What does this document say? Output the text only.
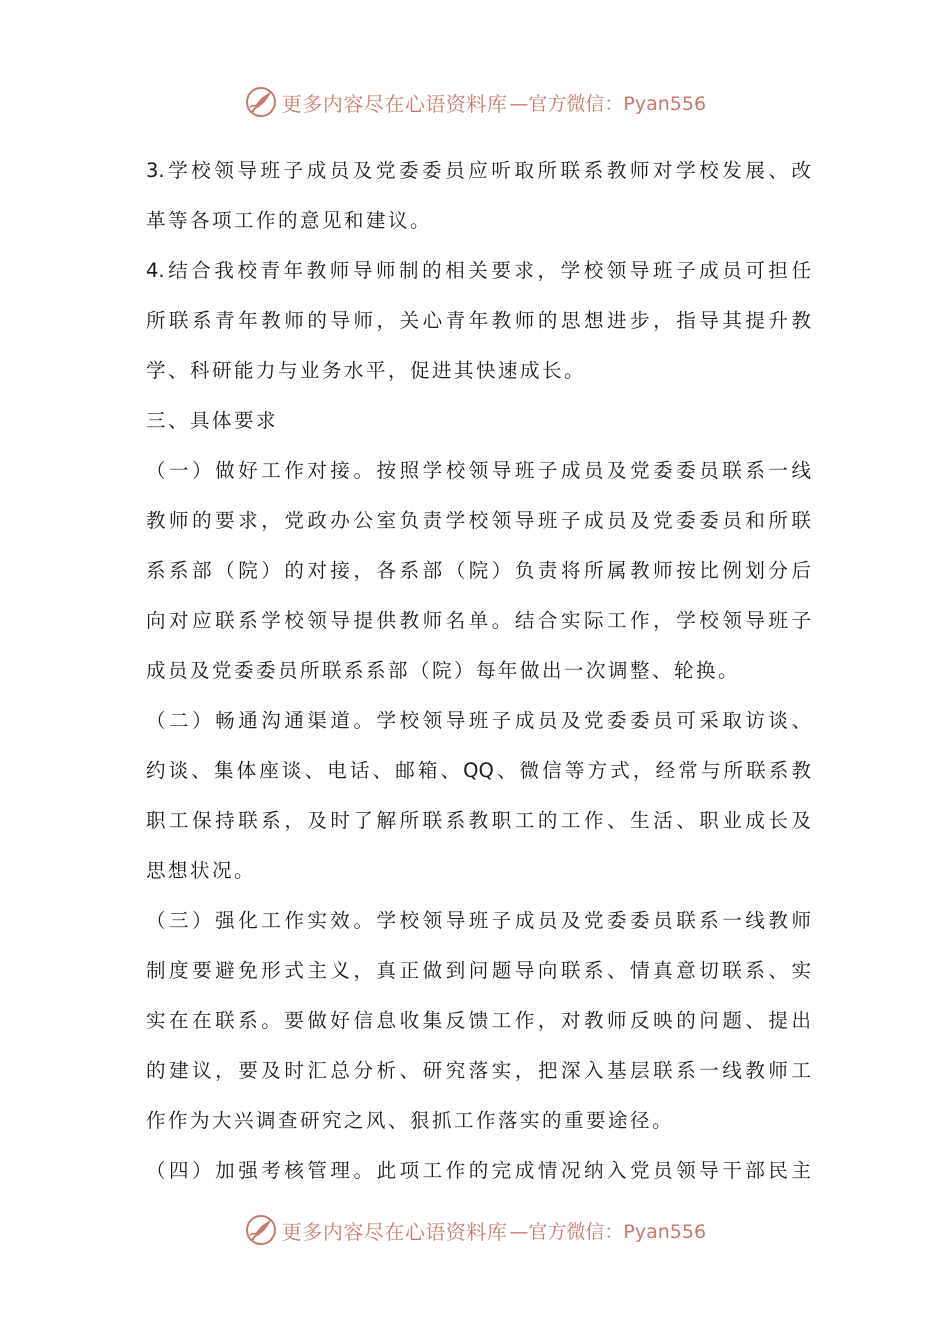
更多内容尽在心语资料库 —官方微信：Pyan556
3.学校领导班子成员及党委委员应听取所联系教师对学校发展、改
革等各项工作的意见和建议。
4.结合我校青年教师导师制的相关要求，学校领导班子成员可担任
所联系青年教师的导师，关心青年教师的思想进步，指导其提升教
学、科研能力与业务水平，促进其快速成长。
三、具体要求
（一）做好工作对接。按照学校领导班子成员及党委委员联系一线
教师的要求，党政办公室负责学校领导班子成员及党委委员和所联
系系部（院）的对接，各系部（院）负责将所属教师按比例划分后
向对应联系学校领导提供教师名单。结合实际工作，学校领导班子
成员及党委委员所联系系部（院）每年做出一次调整、轮换。
（二）畅通沟通渠道。学校领导班子成员及党委委员可采取访谈、
约谈、集体座谈、电话、邮箱、QQ、微信等方式，经常与所联系教
职工保持联系，及时了解所联系教职工的工作、生活、职业成长及
思想状况。
（三）强化工作实效。学校领导班子成员及党委委员联系一线教师
制度要避免形式主义，真正做到问题导向联系、情真意切联系、实
实在在联系。要做好信息收集反馈工作，对教师反映的问题、提出
的建议，要及时汇总分析、研究落实，把深入基层联系一线教师工
作作为大兴调查研究之风、狠抓工作落实的重要途径。
（四）加强考核管理。此项工作的完成情况纳入党员领导干部民主
更多内容尽在心语资料库 —官方微信：Pyan556
